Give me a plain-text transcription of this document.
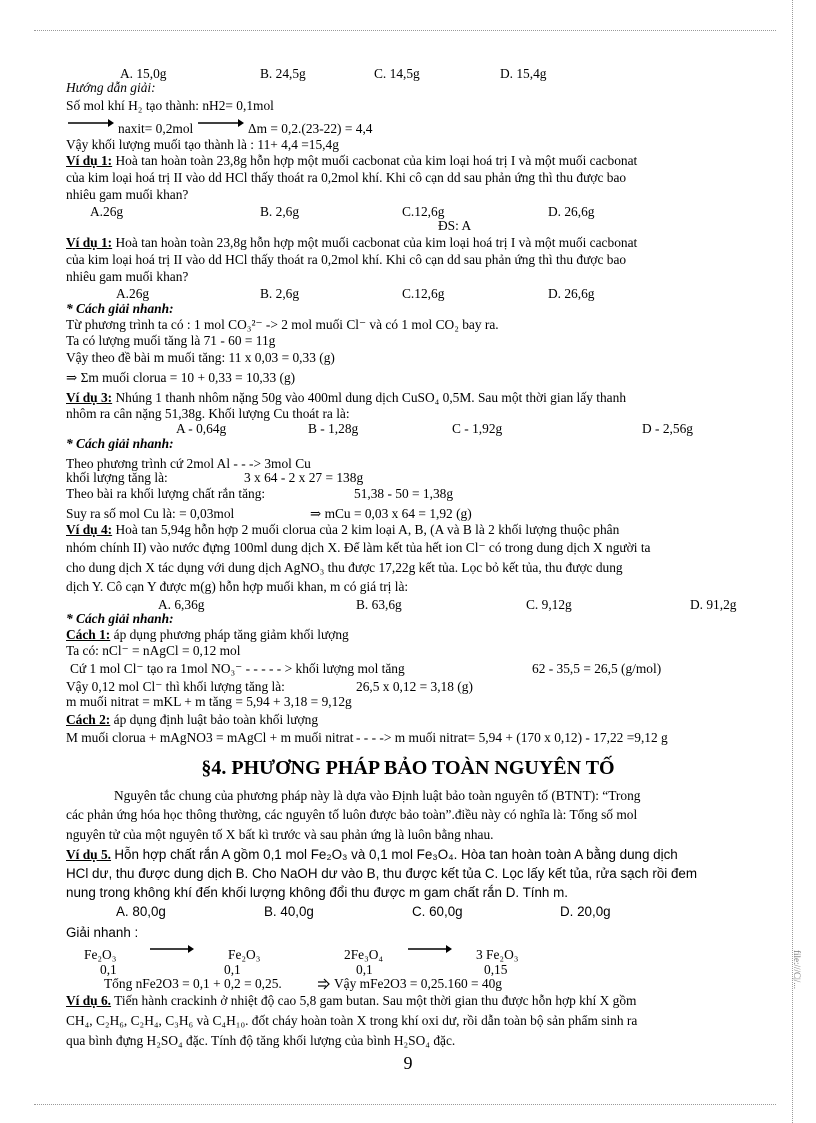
A. 15,0g	B. 24,5g	C. 14,5g	D. 15,4g
Hướng dẫn giải:
Số mol khí H₂ tạo thành: nH2= 0,1mol
naxit= 0,2mol	Δm = 0,2.(23-22) = 4,4
Vậy khối lượng muối tạo thành là : 11+ 4,4 =15,4g
Ví dụ 1: Hoà tan hoàn toàn 23,8g hỗn hợp một muối cacbonat của kim loại hoá trị I và một muối cacbonat
của kim loại hoá trị II vào dd HCl thấy thoát ra 0,2mol khí. Khi cô cạn dd sau phản ứng thì thu được bao
nhiêu gam muối khan?
A.26g	B. 2,6g	C.12,6g	D. 26,6g
ĐS: A
Ví dụ 1: Hoà tan hoàn toàn 23,8g hỗn hợp một muối cacbonat của kim loại hoá trị I và một muối cacbonat
của kim loại hoá trị II vào dd HCl thấy thoát ra 0,2mol khí. Khi cô cạn dd sau phản ứng thì thu được bao
nhiêu gam muối khan?
A.26g	B. 2,6g	C.12,6g	D. 26,6g
* Cách giải nhanh:
Từ phương trình ta có : 1 mol CO₃²⁻ -> 2 mol muối Cl⁻ và có 1 mol CO₂ bay ra.
Ta có lượng muối tăng là 71 - 60 = 11g
Vậy theo đề bài m muối tăng: 11 x 0,03 = 0,33 (g)
⇒ Σm muối clorua = 10 + 0,33 = 10,33 (g)
Ví dụ 3: Nhúng 1 thanh nhôm nặng 50g vào 400ml dung dịch CuSO₄ 0,5M. Sau một thời gian lấy thanh
nhôm ra cân nặng 51,38g. Khối lượng Cu thoát ra là:
A - 0,64g	B - 1,28g	C - 1,92g	D - 2,56g
* Cách giải nhanh:
Theo phương trình cứ 2mol Al - - -> 3mol Cu
khối lượng tăng là:	3 x 64 - 2 x 27 = 138g
Theo bài ra khối lượng chất rắn tăng:	51,38 - 50 = 1,38g
Suy ra số mol Cu là: = 0,03mol	⇒ mCu = 0,03 x 64 = 1,92 (g)
Ví dụ 4: Hoà tan 5,94g hỗn hợp 2 muối clorua của 2 kim loại A, B, (A và B là 2 khối lượng thuộc phân
nhóm chính II) vào nước đựng 100ml dung dịch X. Để làm kết tủa hết ion Cl⁻ có trong dung dịch X người ta
cho dung dịch X tác dụng với dung dịch AgNO₃ thu được 17,22g kết tủa. Lọc bỏ kết tủa, thu được dung
dịch Y. Cô cạn Y được m(g) hỗn hợp muối khan, m có giá trị là:
A. 6,36g	B. 63,6g	C. 9,12g	D. 91,2g
* Cách giải nhanh:
Cách 1: áp dụng phương pháp tăng giảm khối lượng
Ta có: nCl⁻ = nAgCl = 0,12 mol
Cứ 1 mol Cl⁻ tạo ra 1mol NO₃⁻ - - - - - > khối lượng mol tăng	62 - 35,5 = 26,5 (g/mol)
Vậy 0,12 mol Cl⁻ thì khối lượng tăng là:	26,5 x 0,12 = 3,18 (g)
m muối nitrat = mKL + m tăng = 5,94 + 3,18 = 9,12g
Cách 2: áp dụng định luật bảo toàn khối lượng
M muối clorua + mAgNO3 = mAgCl + m muối nitrat - - - -> m muối nitrat= 5,94 + (170 x 0,12) - 17,22 =9,12 g
§4. PHƯƠNG PHÁP BẢO TOÀN NGUYÊN TỐ
Nguyên tắc chung của phương pháp này là dựa vào Định luật bảo toàn nguyên tố (BTNT): “Trong
các phản ứng hóa học thông thường, các nguyên tố luôn được bảo toàn”.điều này có nghĩa là: Tổng số mol
nguyên tử của một nguyên tố X bất kì trước và sau phản ứng là luôn bằng nhau.
Ví dụ 5. Hỗn hợp chất rắn A gồm 0,1 mol Fe₂O₃ và 0,1 mol Fe₃O₄. Hòa tan hoàn toàn A bằng dung dịch
HCl dư, thu được dung dịch B. Cho NaOH dư vào B, thu được kết tủa C. Lọc lấy kết tủa, rửa sạch rồi đem
nung trong không khí đến khối lượng không đổi thu được m gam chất rắn D. Tính m.
A. 80,0g	B. 40,0g	C. 60,0g	D. 20,0g
Giải nhanh :
Fe₂O₃	Fe₂O₃	2Fe₃O₄	3 Fe₂O₃
0,1	0,1	0,1	0,15
Tổng nFe2O3 = 0,1 + 0,2 = 0,25.	Vậy mFe2O3 = 0,25.160 = 40g
Ví dụ 6. Tiến hành crackinh ở nhiệt độ cao 5,8 gam butan. Sau một thời gian thu được hỗn hợp khí X gồm
CH₄, C₂H₆, C₂H₄, C₃H₆ và C₄H₁₀. đốt cháy hoàn toàn X trong khí oxi dư, rồi dẫn toàn bộ sản phẩm sinh ra
qua bình đựng H₂SO₄ đặc. Tính độ tăng khối lượng của bình H₂SO₄ đặc.
9
file:///C|/...
